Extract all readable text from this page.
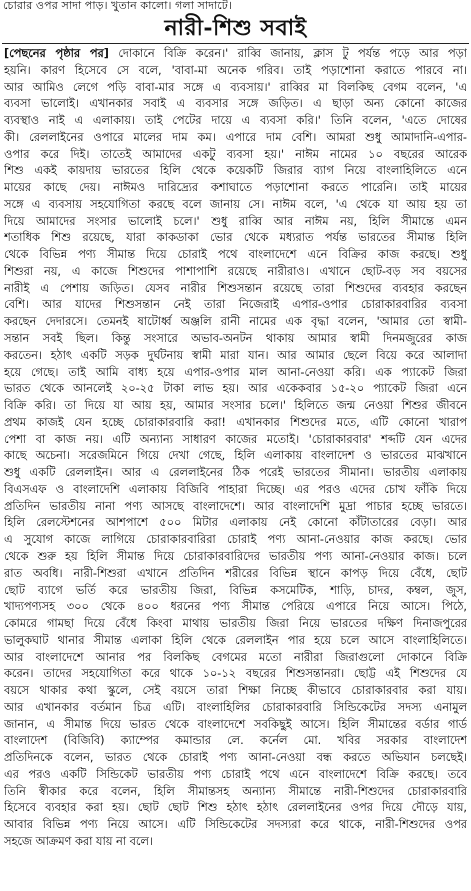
চোরার ওপর সাদা পাড়। খুতান কালো। গলা সাদাটে।
নারী-শিশু সবাই
[পেছনের পৃষ্ঠার পর] দোকানে বিক্রি করেন।' রাব্বি জানায়, ক্লাস টু পর্যন্ত পড়ে আর পড়া
হয়নি। কারণ হিসেবে সে বলে, 'বাবা-মা অনেক গরিব। তাই পড়াশোনা করাতে পারবে না।
আর আমিও লেগে পড়ি বাবা-মার সঙ্গে এ ব্যবসায়।' রাব্বির মা বিলকিছ বেগম বলেন, 'এ
ব্যবসা ভালোই। এখানকার সবাই এ ব্যবসার সঙ্গে জড়িত। এ ছাড়া অন্য কোনো কাজের
ব্যবস্থাও নাই এ এলাকায়। তাই পেটের দায়ে এ ব্যবসা করি।' তিনি বলেন, 'এতে দোষের
কী। রেললাইনের ওপারে মালের দাম কম। এপারে দাম বেশি। আমরা শুধু আমাদানি-এপার-
ওপার করে দিই। তাতেই আমাদের একটু ব্যবসা হয়।' নাঈম নামের ১০ বছরের আরেক
শিশু একই কায়দায় ভারতের হিলি থেকে কয়েকটি জিরার ব্যাগ নিয়ে বাংলাহিলিতে এনে
মায়ের কাছে দেয়। নাঈমও দারিদ্র্যের কশাঘাতে পড়াশোনা করতে পারেনি। তাই মায়ের
সঙ্গে এ ব্যবসায় সহযোগিতা করছে বলে জানায় সে। নাঈম বলে, 'এ থেকে যা আয় হয় তা
দিয়ে আমাদের সংসার ভালোই চলে।' শুধু রাব্বি আর নাঈম নয়, হিলি সীমান্তে এমন
শতাধিক শিশু রয়েছে, যারা কাকডাকা ভোর থেকে মধ্যরাত পর্যন্ত ভারতের সীমান্ত হিলি
থেকে বিভিন্ন পণ্য সীমান্ত দিয়ে চোরাই পথে বাংলাদেশে এনে বিক্রির কাজ করছে। শুধু
শিশুরা নয়, এ কাজে শিশুদের পাশাপাশি রয়েছে নারীরাও। এখানে ছোট-বড় সব বয়সের
নারীই এ পেশায় জড়িত। যেসব নারীর শিশুসন্তান রয়েছে তারা শিশুদের ব্যবহার করছেন
বেশি। আর যাদের শিশুসন্তান নেই তারা নিজেরাই এপার-ওপার চোরাকারবারির ব্যবসা
করছেন দেদারসে। তেমনই ষাটোর্ধ্ব অঞ্জলি রানী নামের এক বৃদ্ধা বলেন, 'আমার তো স্বামী-
সন্তান সবই ছিল। কিন্তু সংসারে অভাব-অনটন থাকায় আমার স্বামী দিনমজুরের কাজ
করতেন। হঠাৎ একটি সড়ক দুর্ঘটনায় স্বামী মারা যান। আর আমার ছেলে বিয়ে করে আলাদা
হয়ে গেছে। তাই আমি বাধ্য হয়ে এপার-ওপার মাল আনা-নেওয়া করি। এক প্যাকেট জিরা
ভারত থেকে আনলেই ২০-২৫ টাকা লাভ হয়। আর একেকবার ১৫-২০ প্যাকেট জিরা এনে
বিক্রি করি। তা দিয়ে যা আয় হয়, আমার সংসার চলে।' হিলিতে জন্ম নেওয়া শিশুর জীবনে
প্রথম কাজই যেন হচ্ছে চোরাকারবারি করা! এখানকার শিশুদের মতে, এটি কোনো খারাপ
পেশা বা কাজ নয়। এটি অন্যান্য সাধারণ কাজের মতোই। 'চোরাকারবার' শব্দটি যেন এদের
কাছে অচেনা। সরেজমিনে গিয়ে দেখা গেছে, হিলি এলাকায় বাংলাদেশ ও ভারতের মাঝখানে
শুধু একটি রেললাইন। আর এ রেললাইনের ঠিক পরেই ভারতের সীমানা। ভারতীয় এলাকায়
বিএসএফ ও বাংলাদেশি এলাকায় বিজিবি পাহারা দিচ্ছে। এর পরও এদের চোখ ফাঁকি দিয়ে
প্রতিদিন ভারতীয় নানা পণ্য আসছে বাংলাদেশে। আর বাংলাদেশি মুদ্রা পাচার হচ্ছে ভারতে।
হিলি রেলস্টেশনের আশপাশে ৫০০ মিটার এলাকায় নেই কোনো কাঁটাতারের বেড়া। আর
এ সুযোগ কাজে লাগিয়ে চোরাকারবারিরা চোরাই পণ্য আনা-নেওয়ার কাজ করছে। ভোর
থেকে শুরু হয় হিলি সীমান্ত দিয়ে চোরাকারবারিদের ভারতীয় পণ্য আনা-নেওয়ার কাজ। চলে
রাত অবধি। নারী-শিশুরা এখানে প্রতিদিন শরীরের বিভিন্ন স্থানে কাপড় দিয়ে বেঁধে, ছোট
ছোট ব্যাগে ভর্তি করে ভারতীয় জিরা, বিভিন্ন কসমেটিক, শাড়ি, চাদর, কম্বল, জুস,
খাদ্যপণ্যসহ ৩০০ থেকে ৪০০ ধরনের পণ্য সীমান্ত পেরিয়ে এপারে নিয়ে আসে। পিঠে,
কোমরে গামছা দিয়ে বেঁধে কিংবা মাথায় ভারতীয় জিরা নিয়ে ভারতের দক্ষিণ দিনাজপুরের
ভালুকঘাট থানার সীমান্ত এলাকা হিলি থেকে রেললাইন পার হয়ে চলে আসে বাংলাহিলিতে।
আর বাংলাদেশে আনার পর বিলকিছ বেগমের মতো নারীরা জিরাগুলো দোকানে বিক্রি
করেন। তাদের সহযোগিতা করে থাকে ১০-১২ বছরের শিশুসন্তানরা। ছোট্ট এই শিশুদের যে
বয়সে থাকার কথা স্কুলে, সেই বয়সে তারা শিক্ষা নিচ্ছে কীভাবে চোরাকারবার করা যায়।
আর এখানকার বর্তমান চিত্র এটি। বাংলাহিলির চোরাকারবারি সিন্ডিকেটের সদস্য এনামুল
জানান, এ সীমান্ত দিয়ে ভারত থেকে বাংলাদেশে সবকিছুই আসে। হিলি সীমান্তের বর্ডার গার্ড
বাংলাদেশ (বিজিবি) ক্যাম্পের কমান্ডার লে. কর্নেল মো. খবির সরকার বাংলাদেশ
প্রতিদিনকে বলেন, ভারত থেকে চোরাই পণ্য আনা-নেওয়া বন্ধ করতে অভিযান চলছেই।
এর পরও একটি সিন্ডিকেট ভারতীয় পণ্য চোরাই পথে এনে বাংলাদেশে বিক্রি করছে। তবে
তিনি স্বীকার করে বলেন, হিলি সীমান্তসহ অন্যান্য সীমান্তে নারী-শিশুদের চোরাকারবারি
হিসেবে ব্যবহার করা হয়। ছোট ছোট শিশু হঠাৎ হঠাৎ রেললাইনের ওপর দিয়ে দৌড়ে যায়,
আবার বিভিন্ন পণ্য নিয়ে আসে। এটি সিন্ডিকেটের সদস্যরা করে থাকে, নারী-শিশুদের ওপর
সহজে আক্রমণ করা যায় না বলে।
